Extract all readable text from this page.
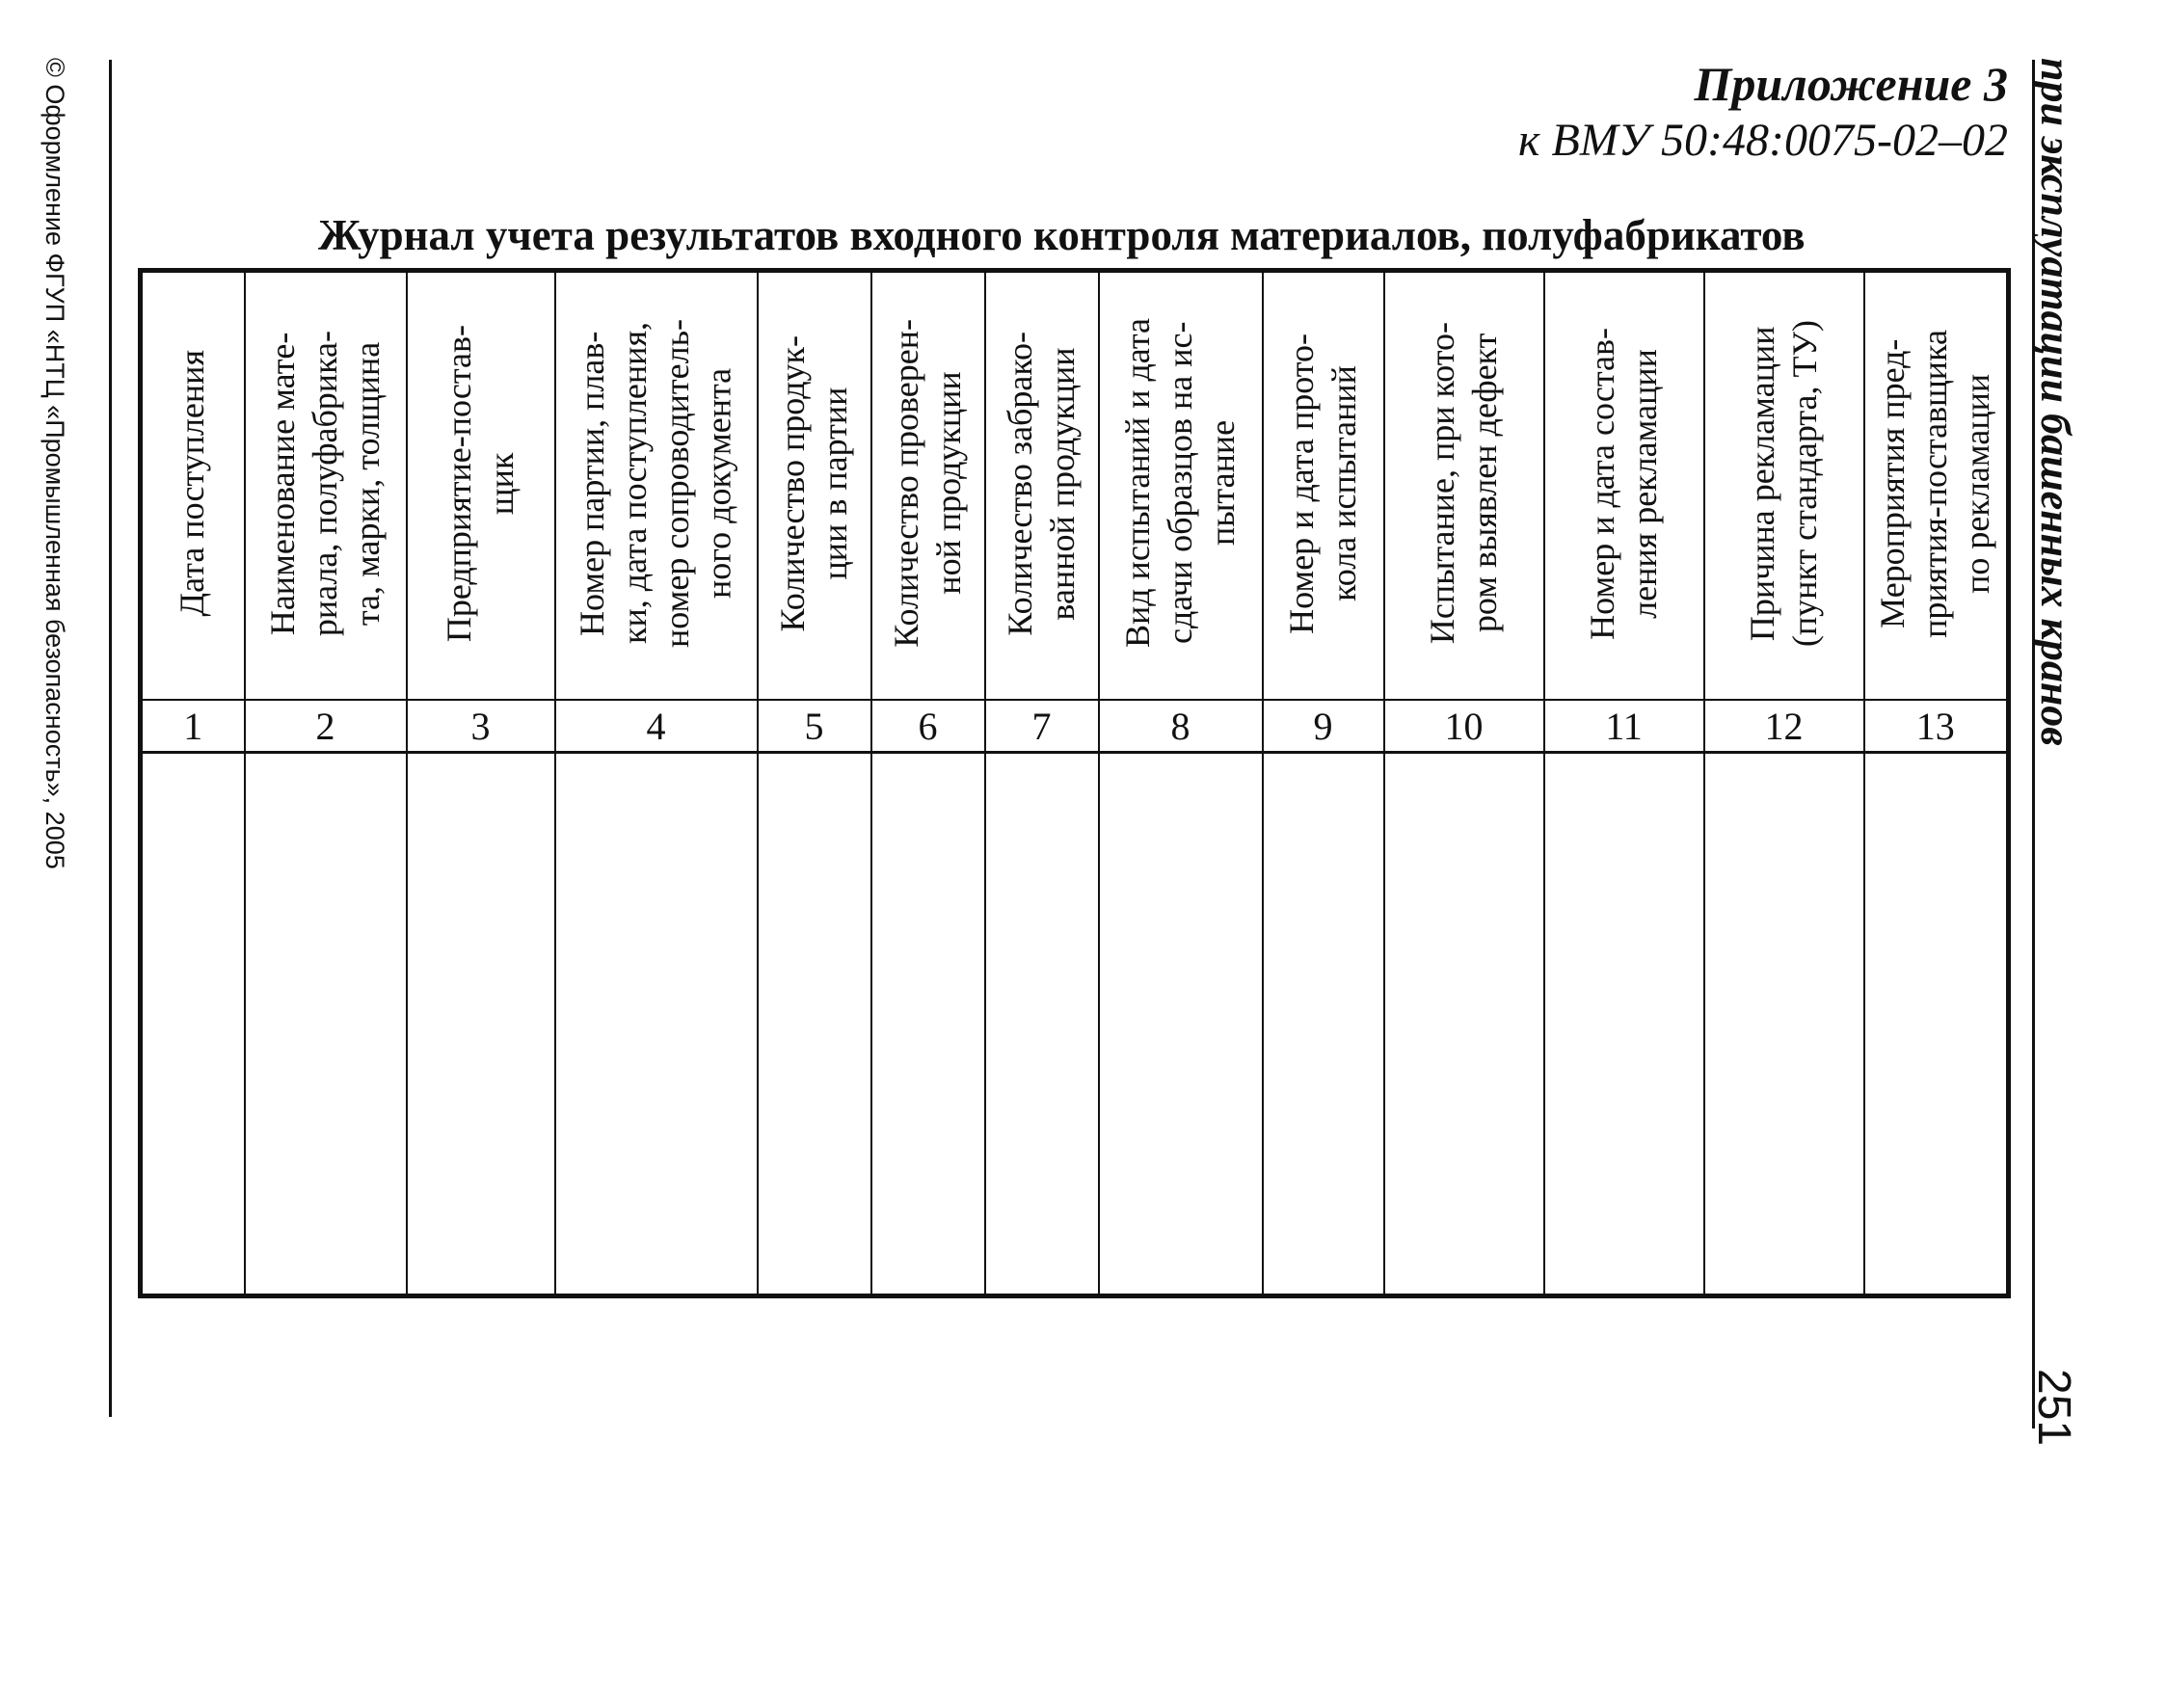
© Оформление ФГУП «НТЦ «Промышленная безопасность», 2005	при эксплуатации башенных кранов
251
Приложение 3
к ВМУ 50:48:0075-02–02
Журнал учета результатов входного контроля материалов, полуфабрикатов
Дата поступления	Наименование мате-
риала, полуфабрика-
та, марки, толщина	Предприятие-постав-
щик	Номер партии, плав-
ки, дата поступления,
номер сопроводитель-
ного документа	Количество продук-
ции в партии	Количество проверен-
ной продукции	Количество забрако-
ванной продукции	Вид испытаний и дата
сдачи образцов на ис-
пытание	Номер и дата прото-
кола испытаний	Испытание, при кото-
ром выявлен дефект	Номер и дата состав-
ления рекламации	Причина рекламации
(пункт стандарта, ТУ)	Мероприятия пред-
приятия-поставщика
по рекламации
1	2	3	4	5	6	7	8	9	10	11	12	13
